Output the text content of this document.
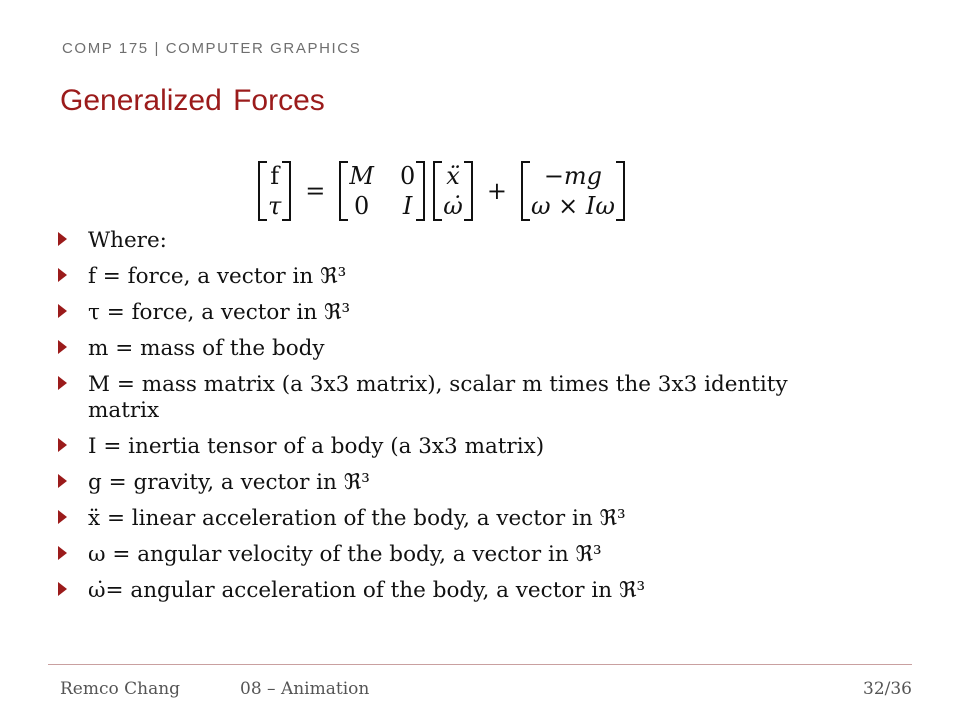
COMP 175 | COMPUTER GRAPHICS
Generalized Forces
f
τ
=
M 0
0 I
ẍ
ω̇
+
−mg
ω × Iω
Where:
f = force, a vector in ℜ³
τ = force, a vector in ℜ³
m = mass of the body
M = mass matrix (a 3x3 matrix), scalar m times the 3x3 identity matrix
I = inertia tensor of a body (a 3x3 matrix)
g = gravity, a vector in ℜ³
ẍ = linear acceleration of the body, a vector in ℜ³
ω = angular velocity of the body, a vector in ℜ³
ω̇= angular acceleration of the body, a vector in ℜ³
Remco Chang	08 – Animation	32/36
